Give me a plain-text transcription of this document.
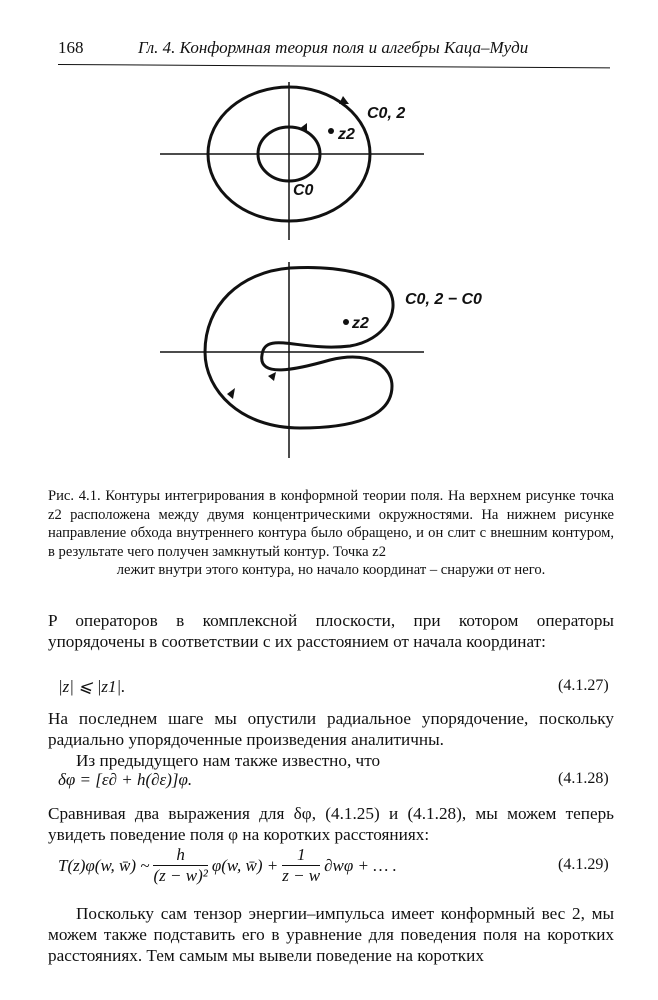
168	Гл. 4. Конформная теория поля и алгебры Каца–Муди
C0, 2
z2
C0
C0, 2 − C0
z2
Рис. 4.1. Контуры интегрирования в конформной теории поля. На верхнем рисунке точка z2 расположена между двумя концентрическими окружностями. На нижнем рисунке направление обхода внутреннего контура было обращено, и он слит с внешним контуром, в результате чего получен замкнутый контур. Точка z2
лежит внутри этого контура, но начало координат – снаружи от него.
P операторов в комплексной плоскости, при котором операторы упорядочены в соответствии с их расстоянием от начала координат:
|z| ⩽ |z1|.	(4.1.27)
На последнем шаге мы опустили радиальное упорядочение, поскольку радиально упорядоченные произведения аналитичны.
Из предыдущего нам также известно, что
δφ = [ε∂ + h(∂ε)]φ.	(4.1.28)
Сравнивая два выражения для δφ, (4.1.25) и (4.1.28), мы можем теперь увидеть поведение поля φ на коротких расстояниях:
T(z)φ(w, w̄) ~ $\frac{h}{\text{(z − w)²}} \varphi(w$, w̄) + $\frac{1}{z - w} \partial w\varphi$ + … .	(4.1.29)
Поскольку сам тензор энергии–импульса имеет конформный вес 2, мы можем также подставить его в уравнение для поведения поля на коротких расстояниях. Тем самым мы вывели поведение на коротких
